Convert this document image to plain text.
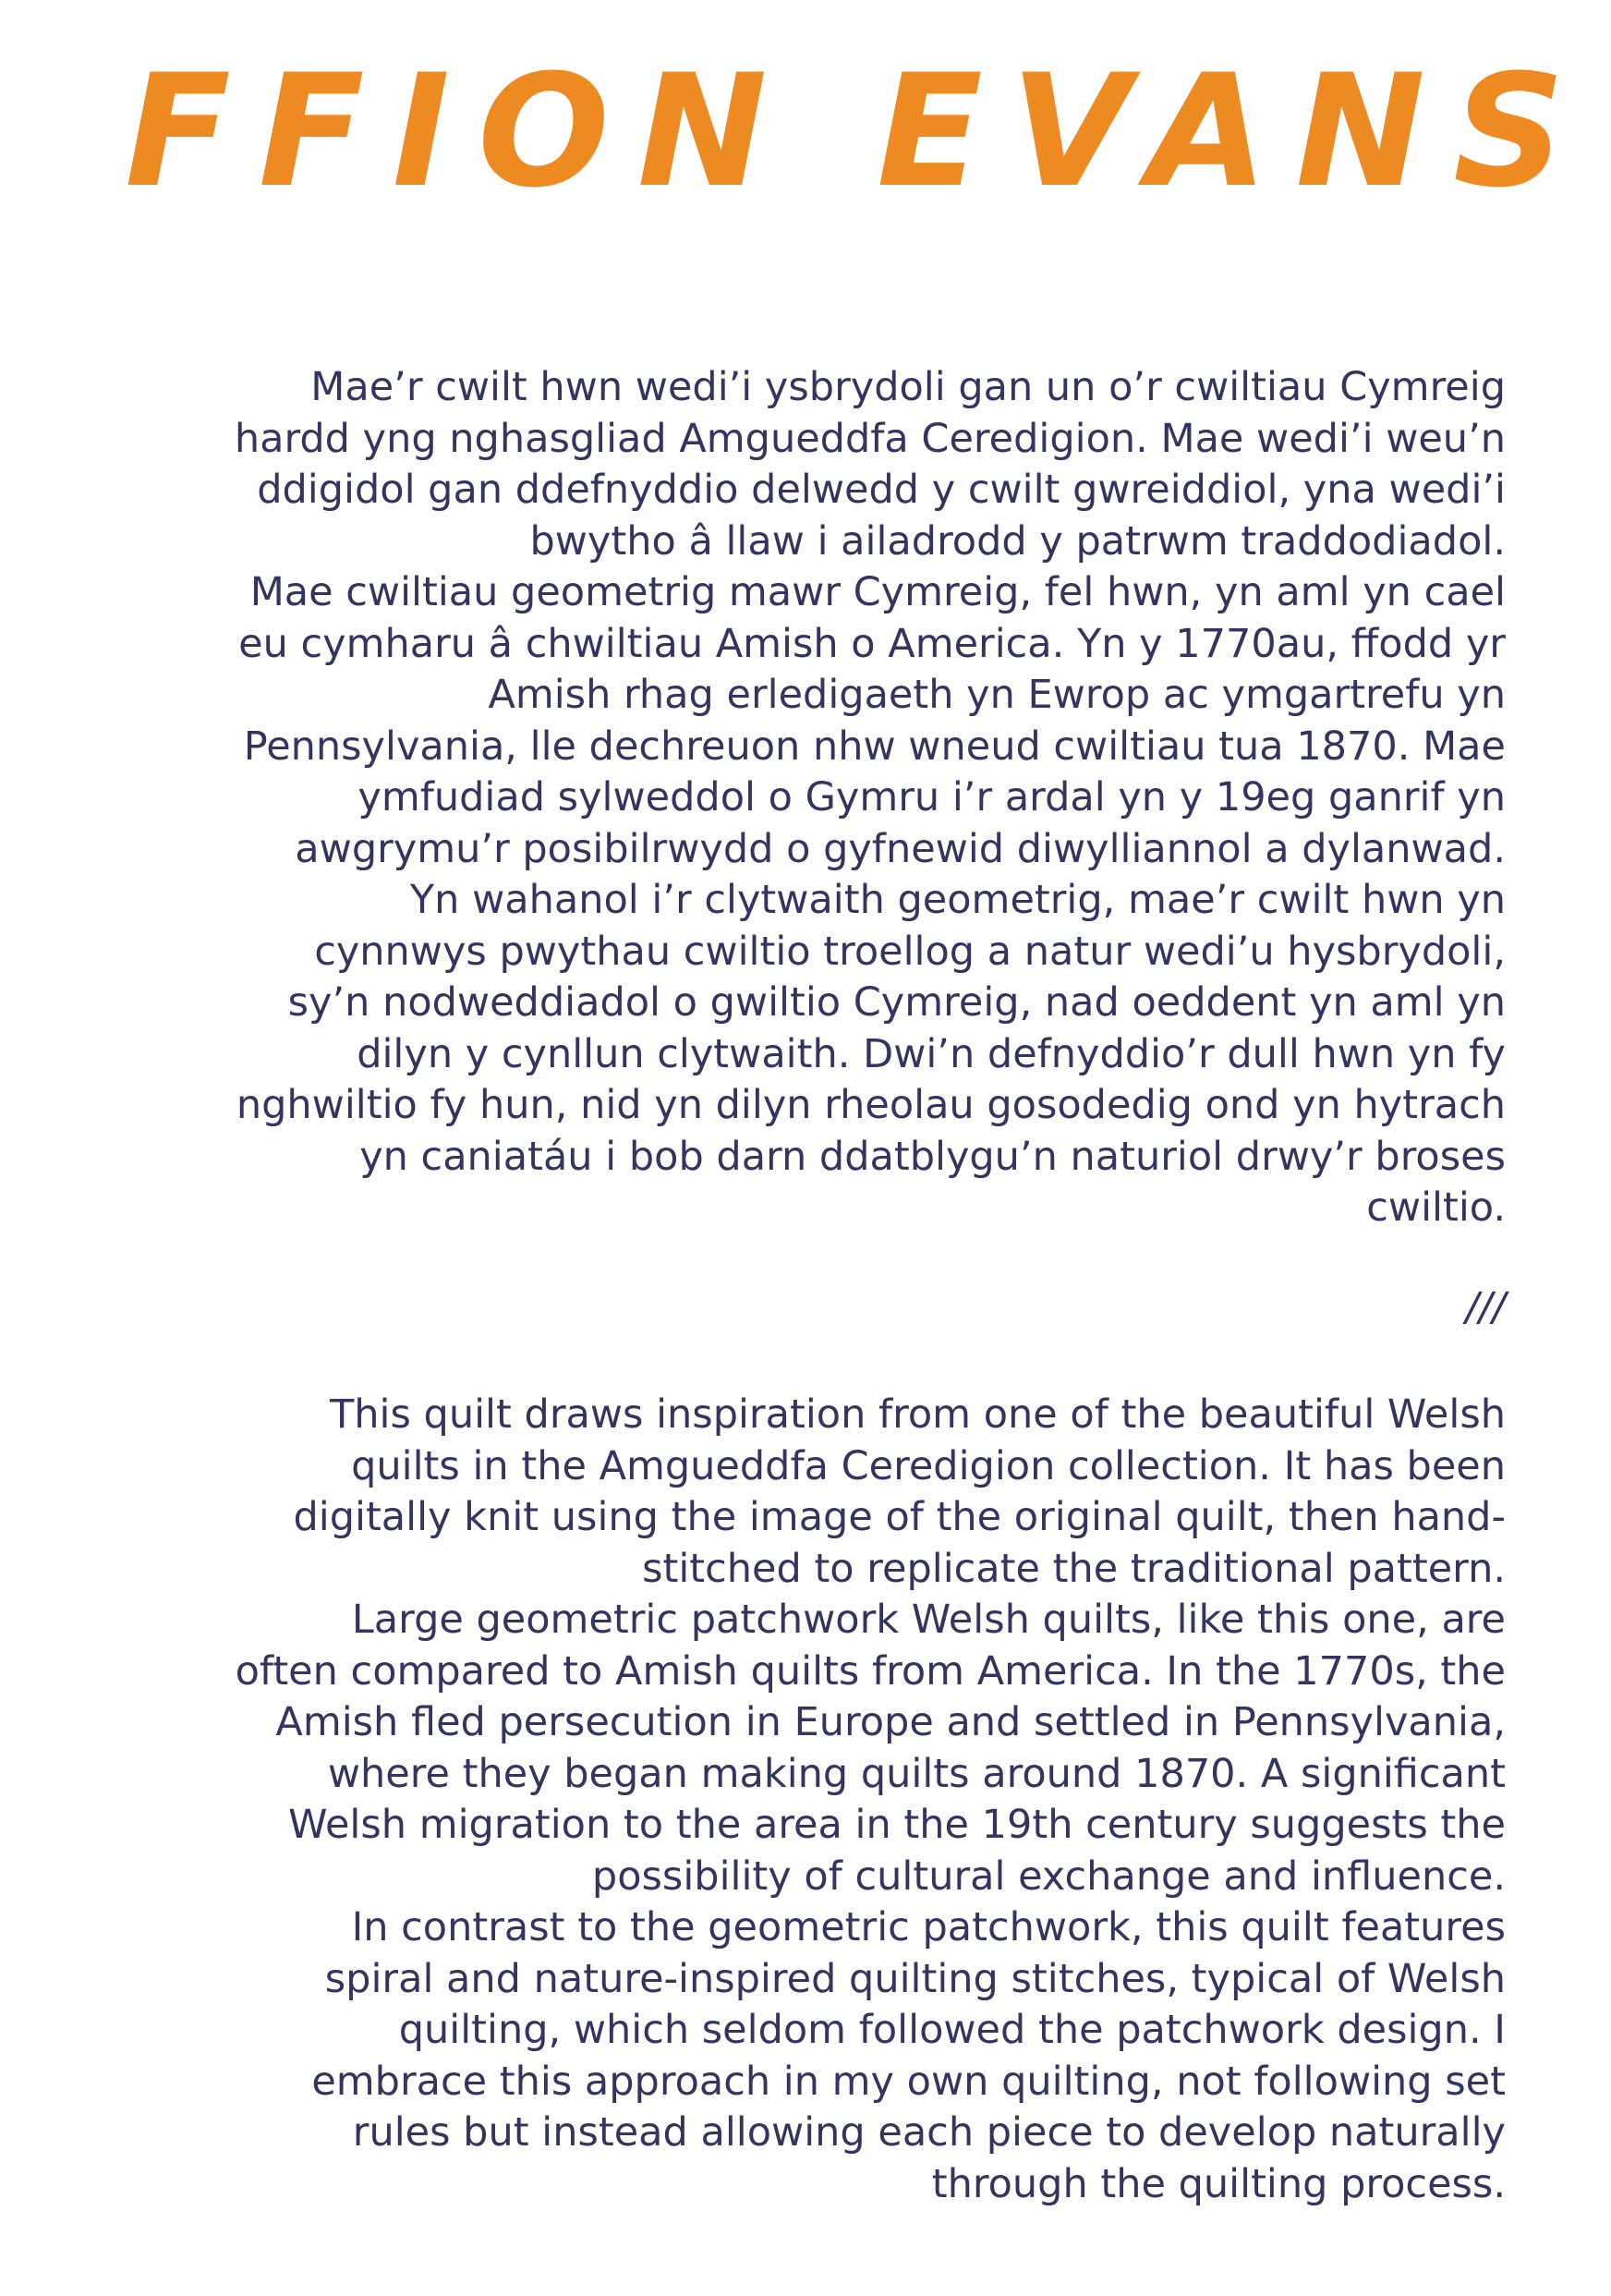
FFION EVANS

Mae’r cwilt hwn wedi’i ysbrydoli gan un o’r cwiltiau Cymreig
hardd yng nghasgliad Amgueddfa Ceredigion. Mae wedi’i weu’n
ddigidol gan ddefnyddio delwedd y cwilt gwreiddiol, yna wedi’i
bwytho â llaw i ailadrodd y patrwm traddodiadol.

Mae cwiltiau geometrig mawr Cymreig, fel hwn, yn aml yn cael
eu cymharu â chwiltiau Amish o America. Yn y 1770au, ffodd yr
Amish rhag erledigaeth yn Ewrop ac ymgartrefu yn
Pennsylvania, lle dechreuon nhw wneud cwiltiau tua 1870. Mae
ymfudiad sylweddol o Gymru i’r ardal yn y 19eg ganrif yn
awgrymu’r posibilrwydd o gyfnewid diwylliannol a dylanwad.

Yn wahanol i’r clytwaith geometrig, mae’r cwilt hwn yn
cynnwys pwythau cwiltio troellog a natur wedi’u hysbrydoli,
sy’n nodweddiadol o gwiltio Cymreig, nad oeddent yn aml yn
dilyn y cynllun clytwaith. Dwi’n defnyddio’r dull hwn yn fy
nghwiltio fy hun, nid yn dilyn rheolau gosodedig ond yn hytrach
yn caniatáu i bob darn ddatblygu’n naturiol drwy’r broses
cwiltio.

///

This quilt draws inspiration from one of the beautiful Welsh
quilts in the Amgueddfa Ceredigion collection. It has been
digitally knit using the image of the original quilt, then hand-
stitched to replicate the traditional pattern.

Large geometric patchwork Welsh quilts, like this one, are
often compared to Amish quilts from America. In the 1770s, the
Amish fled persecution in Europe and settled in Pennsylvania,
where they began making quilts around 1870. A significant
Welsh migration to the area in the 19th century suggests the
possibility of cultural exchange and influence.

In contrast to the geometric patchwork, this quilt features
spiral and nature-inspired quilting stitches, typical of Welsh
quilting, which seldom followed the patchwork design. I
embrace this approach in my own quilting, not following set
rules but instead allowing each piece to develop naturally
through the quilting process.
